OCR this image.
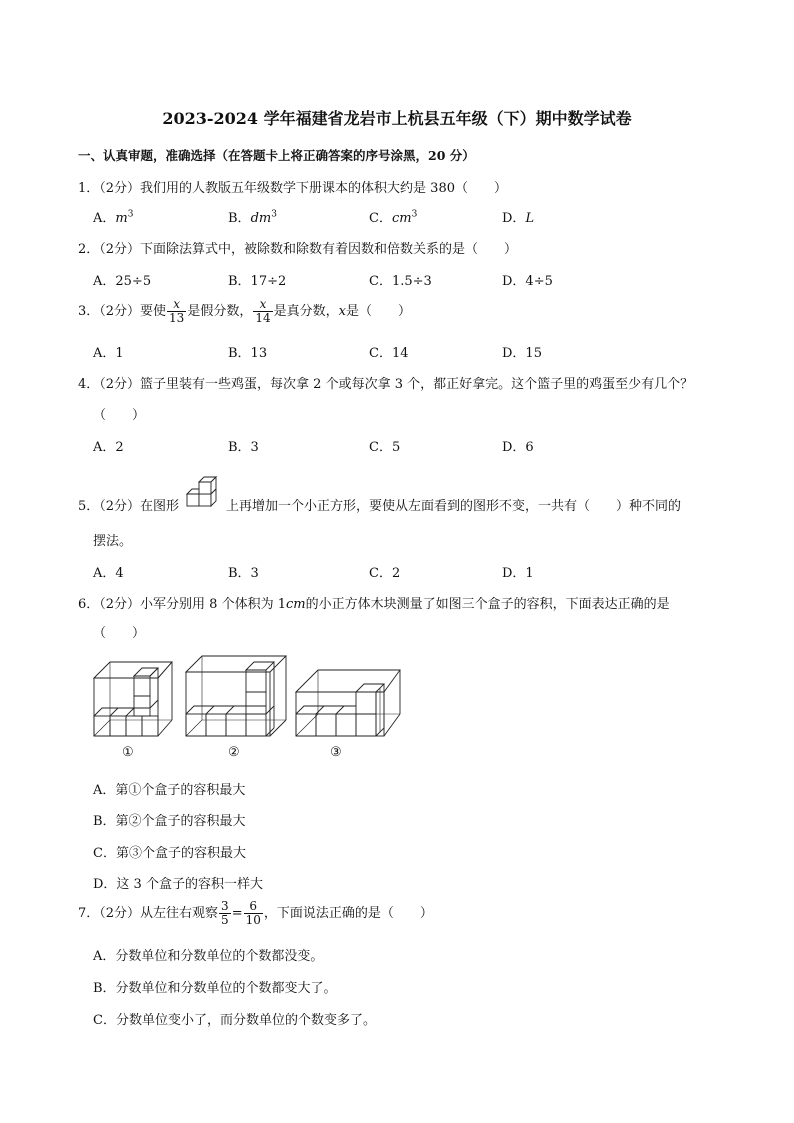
2023-2024 学年福建省龙岩市上杭县五年级（下）期中数学试卷
一、认真审题，准确选择（在答题卡上将正确答案的序号涂黑，20 分）
1．（2分）我们用的人教版五年级数学下册课本的体积大约是 380（　　）
A．$m^3$	B．$dm^3$	C．$cm^3$	D．L
2．（2分）下面除法算式中，被除数和除数有着因数和倍数关系的是（　　）
A．25÷5	B．17÷2	C．1.5÷3	D．4÷5
3．（2分）要使 $\frac{x}{13}$ 是假分数， $\frac{x}{14}$ 是真分数，x是（　　）
A．1	B．13	C．14	D．15
4．（2分）篮子里装有一些鸡蛋，每次拿 2 个或每次拿 3 个，都正好拿完。这个篮子里的鸡蛋至少有几个？
（　　）
A．2	B．3	C．5	D．6
5．（2分）在图形	上再增加一个小正方形，要使从左面看到的图形不变，一共有（　　）种不同的
摆法。
A．4	B．3	C．2	D．1
6．（2分）小军分别用 8 个体积为 1cm的小正方体木块测量了如图三个盒子的容积，下面表达正确的是
（　　）
①	②	③
A．第①个盒子的容积最大
B．第②个盒子的容积最大
C．第③个盒子的容积最大
D．这 3 个盒子的容积一样大
7．（2分）从左往右观察 $\frac{3}{5} = \frac{6}{10}$ ，下面说法正确的是（　　）
A．分数单位和分数单位的个数都没变。
B．分数单位和分数单位的个数都变大了。
C．分数单位变小了，而分数单位的个数变多了。
